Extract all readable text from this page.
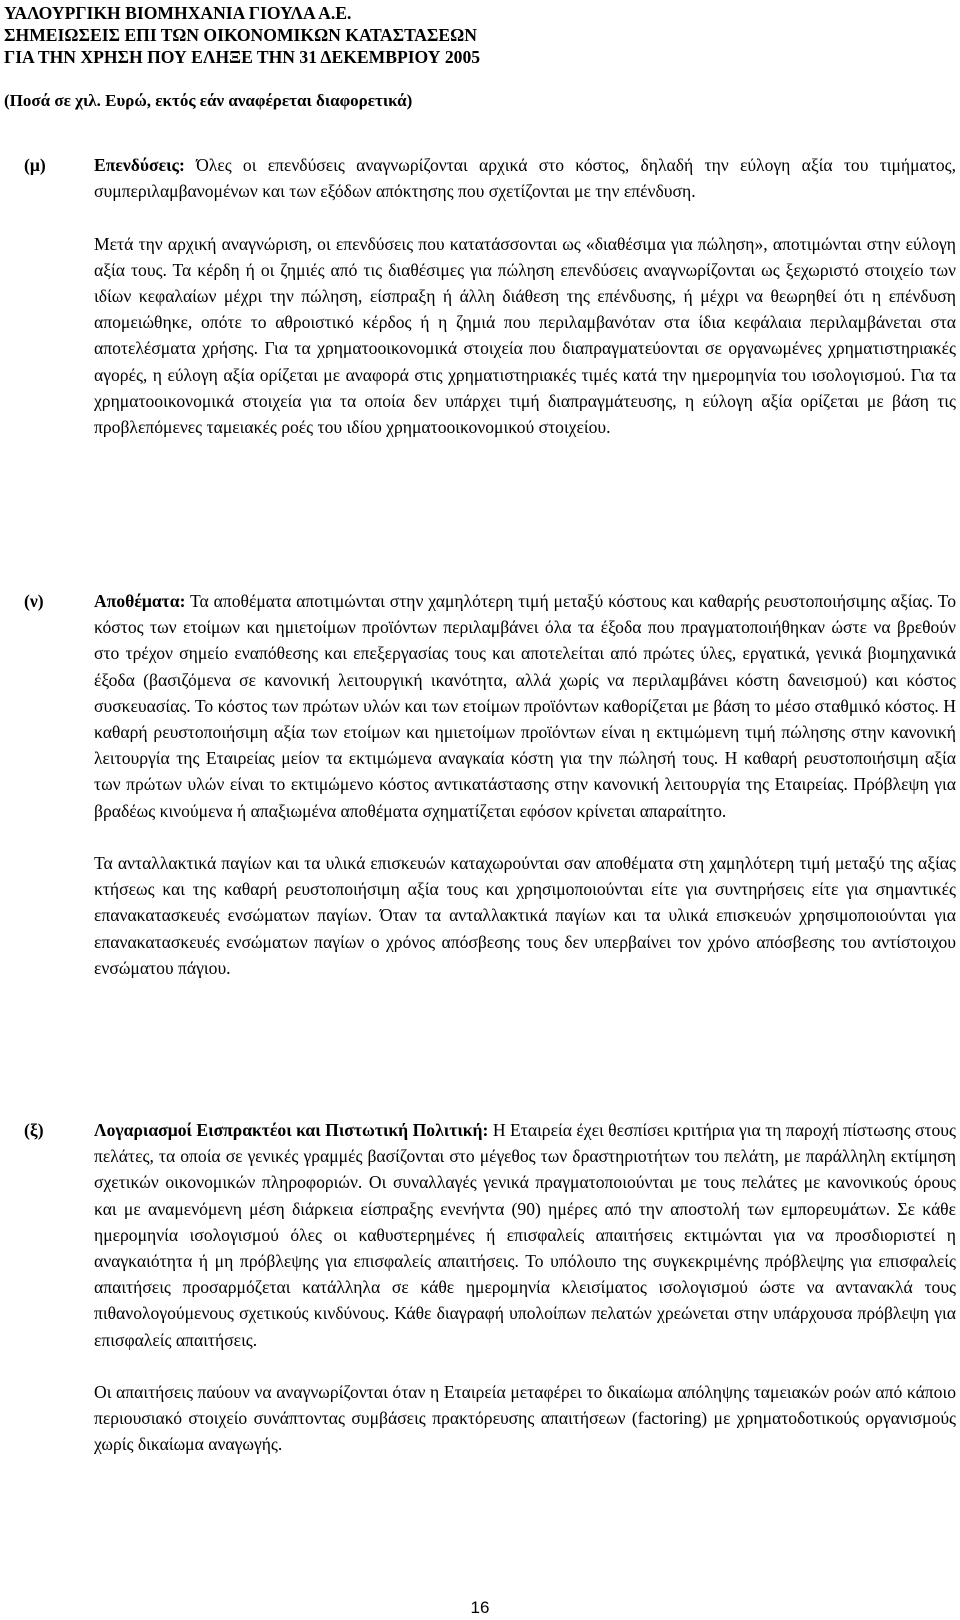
ΥΑΛΟΥΡΓΙΚΗ ΒΙΟΜΗΧΑΝΙΑ ΓΙΟΥΛΑ Α.Ε.
ΣΗΜΕΙΩΣΕΙΣ ΕΠΙ ΤΩΝ ΟΙΚΟΝΟΜΙΚΩΝ ΚΑΤΑΣΤΑΣΕΩΝ
ΓΙΑ ΤΗΝ ΧΡΗΣΗ ΠΟΥ ΕΛΗΞΕ ΤΗΝ 31 ΔΕΚΕΜΒΡΙΟΥ 2005
(Ποσά σε χιλ. Ευρώ, εκτός εάν αναφέρεται διαφορετικά)
(μ)	Επενδύσεις: Όλες οι επενδύσεις αναγνωρίζονται αρχικά στο κόστος, δηλαδή την εύλογη αξία του τιμήματος, συμπεριλαμβανομένων και των εξόδων απόκτησης που σχετίζονται με την επένδυση.

Μετά την αρχική αναγνώριση, οι επενδύσεις που κατατάσσονται ως «διαθέσιμα για πώληση», αποτιμώνται στην εύλογη αξία τους. Τα κέρδη ή οι ζημιές από τις διαθέσιμες για πώληση επενδύσεις αναγνωρίζονται ως ξεχωριστό στοιχείο των ιδίων κεφαλαίων μέχρι την πώληση, είσπραξη ή άλλη διάθεση της επένδυσης, ή μέχρι να θεωρηθεί ότι η επένδυση απομειώθηκε, οπότε το αθροιστικό κέρδος ή η ζημιά που περιλαμβανόταν στα ίδια κεφάλαια περιλαμβάνεται στα αποτελέσματα χρήσης. Για τα χρηματοοικονομικά στοιχεία που διαπραγματεύονται σε οργανωμένες χρηματιστηριακές αγορές, η εύλογη αξία ορίζεται με αναφορά στις χρηματιστηριακές τιμές κατά την ημερομηνία του ισολογισμού. Για τα χρηματοοικονομικά στοιχεία για τα οποία δεν υπάρχει τιμή διαπραγμάτευσης, η εύλογη αξία ορίζεται με βάση τις προβλεπόμενες ταμειακές ροές του ιδίου χρηματοοικονομικού στοιχείου.

(ν)	Αποθέματα: Τα αποθέματα αποτιμώνται στην χαμηλότερη τιμή μεταξύ κόστους και καθαρής ρευστοποιήσιμης αξίας. Το κόστος των ετοίμων και ημιετοίμων προϊόντων περιλαμβάνει όλα τα έξοδα που πραγματοποιήθηκαν ώστε να βρεθούν στο τρέχον σημείο εναπόθεσης και επεξεργασίας τους και αποτελείται από πρώτες ύλες, εργατικά, γενικά βιομηχανικά έξοδα (βασιζόμενα σε κανονική λειτουργική ικανότητα, αλλά χωρίς να περιλαμβάνει κόστη δανεισμού) και κόστος συσκευασίας. Το κόστος των πρώτων υλών και των ετοίμων προϊόντων καθορίζεται με βάση το μέσο σταθμικό κόστος. Η καθαρή ρευστοποιήσιμη αξία των ετοίμων και ημιετοίμων προϊόντων είναι η εκτιμώμενη τιμή πώλησης στην κανονική λειτουργία της Εταιρείας μείον τα εκτιμώμενα αναγκαία κόστη για την πώλησή τους. Η καθαρή ρευστοποιήσιμη αξία των πρώτων υλών είναι το εκτιμώμενο κόστος αντικατάστασης στην κανονική λειτουργία της Εταιρείας. Πρόβλεψη για βραδέως κινούμενα ή απαξιωμένα αποθέματα σχηματίζεται εφόσον κρίνεται απαραίτητο.

Τα ανταλλακτικά παγίων και τα υλικά επισκευών καταχωρούνται σαν αποθέματα στη χαμηλότερη τιμή μεταξύ της αξίας κτήσεως και της καθαρή ρευστοποιήσιμη αξία τους και χρησιμοποιούνται είτε για συντηρήσεις είτε για σημαντικές επανακατασκευές ενσώματων παγίων. Όταν τα ανταλλακτικά παγίων και τα υλικά επισκευών χρησιμοποιούνται για επανακατασκευές ενσώματων παγίων ο χρόνος απόσβεσης τους δεν υπερβαίνει τον χρόνο απόσβεσης του αντίστοιχου ενσώματου πάγιου.

(ξ)	Λογαριασμοί Εισπρακτέοι και Πιστωτική Πολιτική: Η Εταιρεία έχει θεσπίσει κριτήρια για τη παροχή πίστωσης στους πελάτες, τα οποία σε γενικές γραμμές βασίζονται στο μέγεθος των δραστηριοτήτων του πελάτη, με παράλληλη εκτίμηση σχετικών οικονομικών πληροφοριών. Οι συναλλαγές γενικά πραγματοποιούνται με τους πελάτες με κανονικούς όρους και με αναμενόμενη μέση διάρκεια είσπραξης ενενήντα (90) ημέρες από την αποστολή των εμπορευμάτων. Σε κάθε ημερομηνία ισολογισμού όλες οι καθυστερημένες ή επισφαλείς απαιτήσεις εκτιμώνται για να προσδιοριστεί η αναγκαιότητα ή μη πρόβλεψης για επισφαλείς απαιτήσεις. Το υπόλοιπο της συγκεκριμένης πρόβλεψης για επισφαλείς απαιτήσεις προσαρμόζεται κατάλληλα σε κάθε ημερομηνία κλεισίματος ισολογισμού ώστε να αντανακλά τους πιθανολογούμενους σχετικούς κινδύνους. Κάθε διαγραφή υπολοίπων πελατών χρεώνεται στην υπάρχουσα πρόβλεψη για επισφαλείς απαιτήσεις.

Οι απαιτήσεις παύουν να αναγνωρίζονται όταν η Εταιρεία μεταφέρει το δικαίωμα απόληψης ταμειακών ροών από κάποιο περιουσιακό στοιχείο συνάπτοντας συμβάσεις πρακτόρευσης απαιτήσεων (factoring) με χρηματοδοτικούς οργανισμούς χωρίς δικαίωμα αναγωγής.

16
